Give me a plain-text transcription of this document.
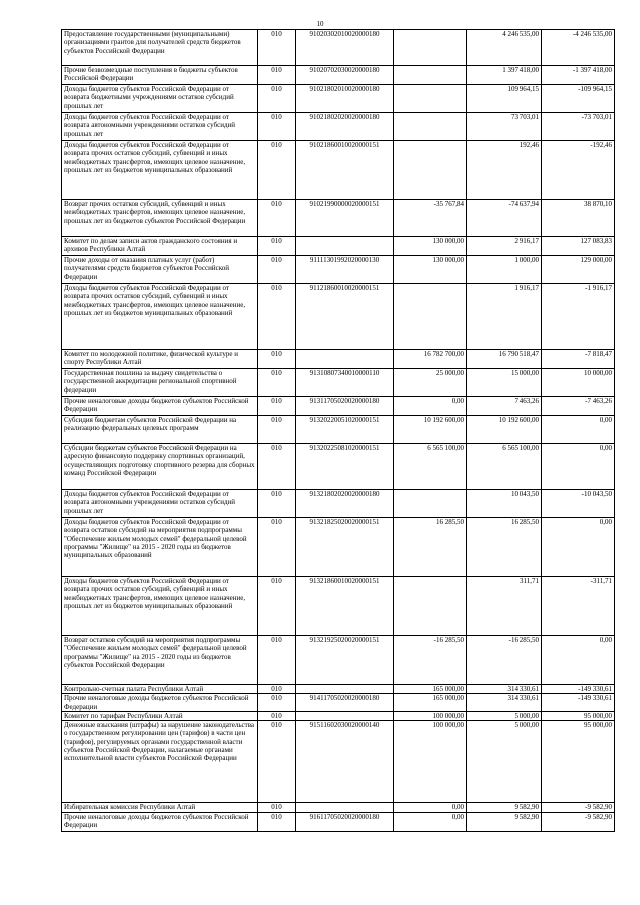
10
Предоставление государственными (муниципальными) организациями грантов для получателей средств бюджетов субъектов Российской Федерации	010	91020302010020000180		4 246 535,00	-4 246 535,00
Прочие безвозмездные поступления в бюджеты субъектов Российской Федерации	010	91020702030020000180		1 397 418,00	-1 397 418,00
Доходы бюджетов субъектов Российской Федерации от возврата бюджетными учреждениями остатков субсидий прошлых лет	010	91021802010020000180		109 964,15	-109 964,15
Доходы бюджетов субъектов Российской Федерации от возврата автономными учреждениями остатков субсидий прошлых лет	010	91021802020020000180		73 703,01	-73 703,01
Доходы бюджетов субъектов Российской Федерации от возврата прочих остатков субсидий, субвенций и иных межбюджетных трансфертов, имеющих целевое назначение, прошлых лет из бюджетов муниципальных образований	010	91021860010020000151		192,46	-192,46
Возврат прочих остатков субсидий, субвенций и иных межбюджетных трансфертов, имеющих целевое назначение, прошлых лет из бюджетов субъектов Российской Федерации	010	91021990000020000151	-35 767,84	-74 637,94	38 870,10
Комитет по делам записи актов гражданского состояния и архивов Республики Алтай	010		130 000,00	2 916,17	127 083,83
Прочие доходы от оказания платных услуг (работ) получателями средств бюджетов субъектов Российской Федерации	010	91111301992020000130	130 000,00	1 000,00	129 000,00
Доходы бюджетов субъектов Российской Федерации от возврата прочих остатков субсидий, субвенций и иных межбюджетных трансфертов, имеющих целевое назначение, прошлых лет из бюджетов муниципальных образований	010	91121860010020000151		1 916,17	-1 916,17
Комитет по молодежной политике, физической культуре и спорту Республики Алтай	010		16 782 700,00	16 790 518,47	-7 818,47
Государственная пошлина за выдачу свидетельства о государственной аккредитации региональной спортивной федерации	010	91310807340010000110	25 000,00	15 000,00	10 000,00
Прочие неналоговые доходы бюджетов субъектов Российской Федерации	010	91311705020020000180	0,00	7 463,26	-7 463,26
Субсидия бюджетам субъектов Российской Федерации на реализацию федеральных целевых программ	010	91320220051020000151	10 192 600,00	10 192 600,00	0,00
Субсидии бюджетам субъектов Российской Федерации на адресную финансовую поддержку спортивных организаций, осуществляющих подготовку спортивного резерва для сборных команд Российской Федерации	010	91320225081020000151	6 565 100,00	6 565 100,00	0,00
Доходы бюджетов субъектов Российской Федерации от возврата автономными учреждениями остатков субсидий прошлых лет	010	91321802020020000180		10 043,50	-10 043,50
Доходы бюджетов субъектов Российской Федерации от возврата остатков субсидий на мероприятия подпрограммы "Обеспечение жильем молодых семей" федеральной целевой программы "Жилище" на 2015 - 2020 годы из бюджетов муниципальных образований	010	91321825020020000151	16 285,50	16 285,50	0,00
Доходы бюджетов субъектов Российской Федерации от возврата прочих остатков субсидий, субвенций и иных межбюджетных трансфертов, имеющих целевое назначение, прошлых лет из бюджетов муниципальных образований	010	91321860010020000151		311,71	-311,71
Возврат остатков субсидий на мероприятия подпрограммы "Обеспечение жильем молодых семей" федеральной целевой программы "Жилище" на 2015 - 2020 годы из бюджетов субъектов Российской Федерации	010	91321925020020000151	-16 285,50	-16 285,50	0,00
Контрольно-счетная палата Республики Алтай	010		165 000,00	314 330,61	-149 330,61
Прочие неналоговые доходы бюджетов субъектов Российской Федерации	010	91411705020020000180	165 000,00	314 330,61	-149 330,61
Комитет по тарифам Республики Алтай	010		100 000,00	5 000,00	95 000,00
Денежные взыскания (штрафы) за нарушение законодательства о государственном регулировании цен (тарифов) в части цен (тарифов), регулируемых органами государственной власти субъектов Российской Федерации, налагаемые органами исполнительной власти субъектов Российской Федерации	010	91511602030020000140	100 000,00	5 000,00	95 000,00
Избирательная комиссия Республики Алтай	010		0,00	9 582,90	-9 582,90
Прочие неналоговые доходы бюджетов субъектов Российской Федерации	010	91611705020020000180	0,00	9 582,90	-9 582,90
